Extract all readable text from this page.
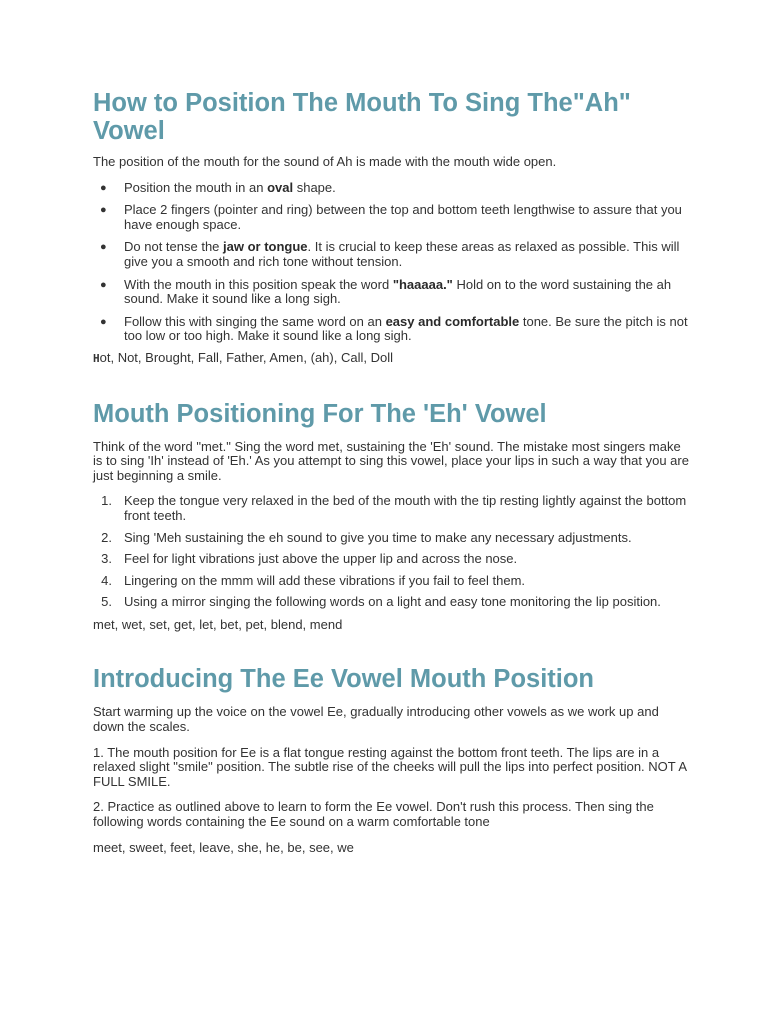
How to Position The Mouth To Sing The"Ah" Vowel

The position of the mouth for the sound of Ah is made with the mouth wide open.

● Position the mouth in an oval shape.
● Place 2 fingers (pointer and ring) between the top and bottom teeth lengthwise to assure that you have enough space.
● Do not tense the jaw or tongue. It is crucial to keep these areas as relaxed as possible. This will give you a smooth and rich tone without tension.
● With the mouth in this position speak the word "haaaaa." Hold on to the word sustaining the ah sound. Make it sound like a long sigh.
● Follow this with singing the same word on an easy and comfortable tone. Be sure the pitch is not too low or too high. Make it sound like a long sigh.

Hot, Not, Brought, Fall, Father, Amen, (ah), Call, Doll

Mouth Positioning For The 'Eh' Vowel

Think of the word "met." Sing the word met, sustaining the 'Eh' sound. The mistake most singers make is to sing 'Ih' instead of 'Eh.' As you attempt to sing this vowel, place your lips in such a way that you are just beginning a smile.

1. Keep the tongue very relaxed in the bed of the mouth with the tip resting lightly against the bottom front teeth.
2. Sing 'Meh sustaining the eh sound to give you time to make any necessary adjustments.
3. Feel for light vibrations just above the upper lip and across the nose.
4. Lingering on the mmm will add these vibrations if you fail to feel them.
5. Using a mirror singing the following words on a light and easy tone monitoring the lip position.

met, wet, set, get, let, bet, pet, blend, mend

Introducing The Ee Vowel Mouth Position

Start warming up the voice on the vowel Ee, gradually introducing other vowels as we work up and down the scales.

1. The mouth position for Ee is a flat tongue resting against the bottom front teeth. The lips are in a relaxed slight "smile" position. The subtle rise of the cheeks will pull the lips into perfect position. NOT A FULL SMILE.

2. Practice as outlined above to learn to form the Ee vowel. Don't rush this process. Then sing the following words containing the Ee sound on a warm comfortable tone

meet, sweet, feet, leave, she, he, be, see, we
